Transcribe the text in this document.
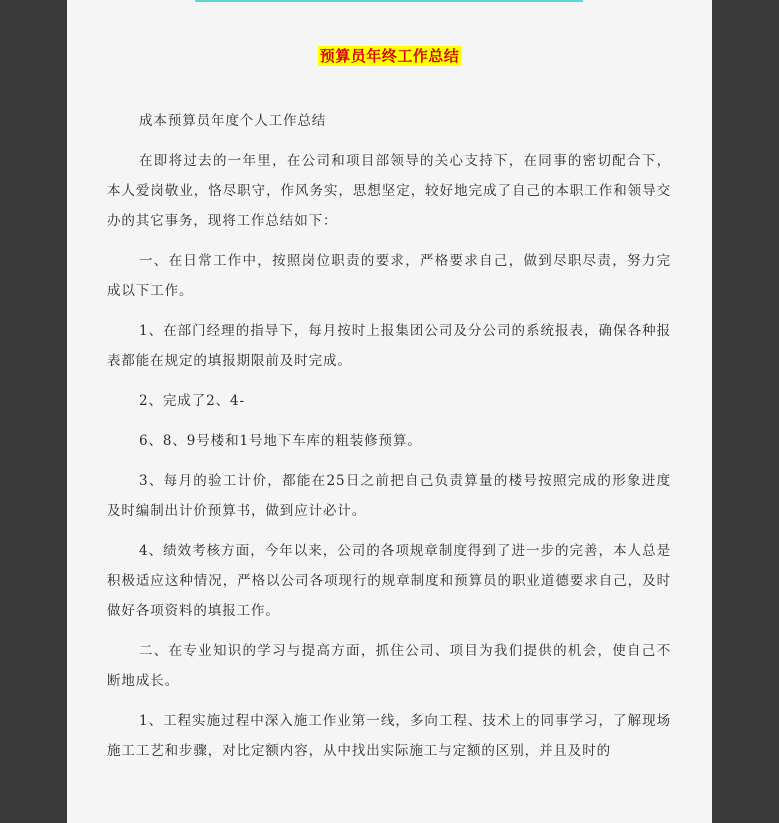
预算员年终工作总结

成本预算员年度个人工作总结

在即将过去的一年里，在公司和项目部领导的关心支持下，在同事的密切配合下，本人爱岗敬业，恪尽职守，作风务实，思想坚定，较好地完成了自己的本职工作和领导交办的其它事务，现将工作总结如下：

一、在日常工作中，按照岗位职责的要求，严格要求自己，做到尽职尽责，努力完成以下工作。

1、在部门经理的指导下，每月按时上报集团公司及分公司的系统报表，确保各种报表都能在规定的填报期限前及时完成。

2、完成了2、4-

6、8、9号楼和1号地下车库的粗装修预算。

3、每月的验工计价，都能在25日之前把自己负责算量的楼号按照完成的形象进度及时编制出计价预算书，做到应计必计。

4、绩效考核方面，今年以来，公司的各项规章制度得到了进一步的完善，本人总是积极适应这种情况，严格以公司各项现行的规章制度和预算员的职业道德要求自己，及时做好各项资料的填报工作。

二、在专业知识的学习与提高方面，抓住公司、项目为我们提供的机会，使自己不断地成长。

1、工程实施过程中深入施工作业第一线，多向工程、技术上的同事学习，了解现场施工工艺和步骤，对比定额内容，从中找出实际施工与定额的区别，并且及时的
